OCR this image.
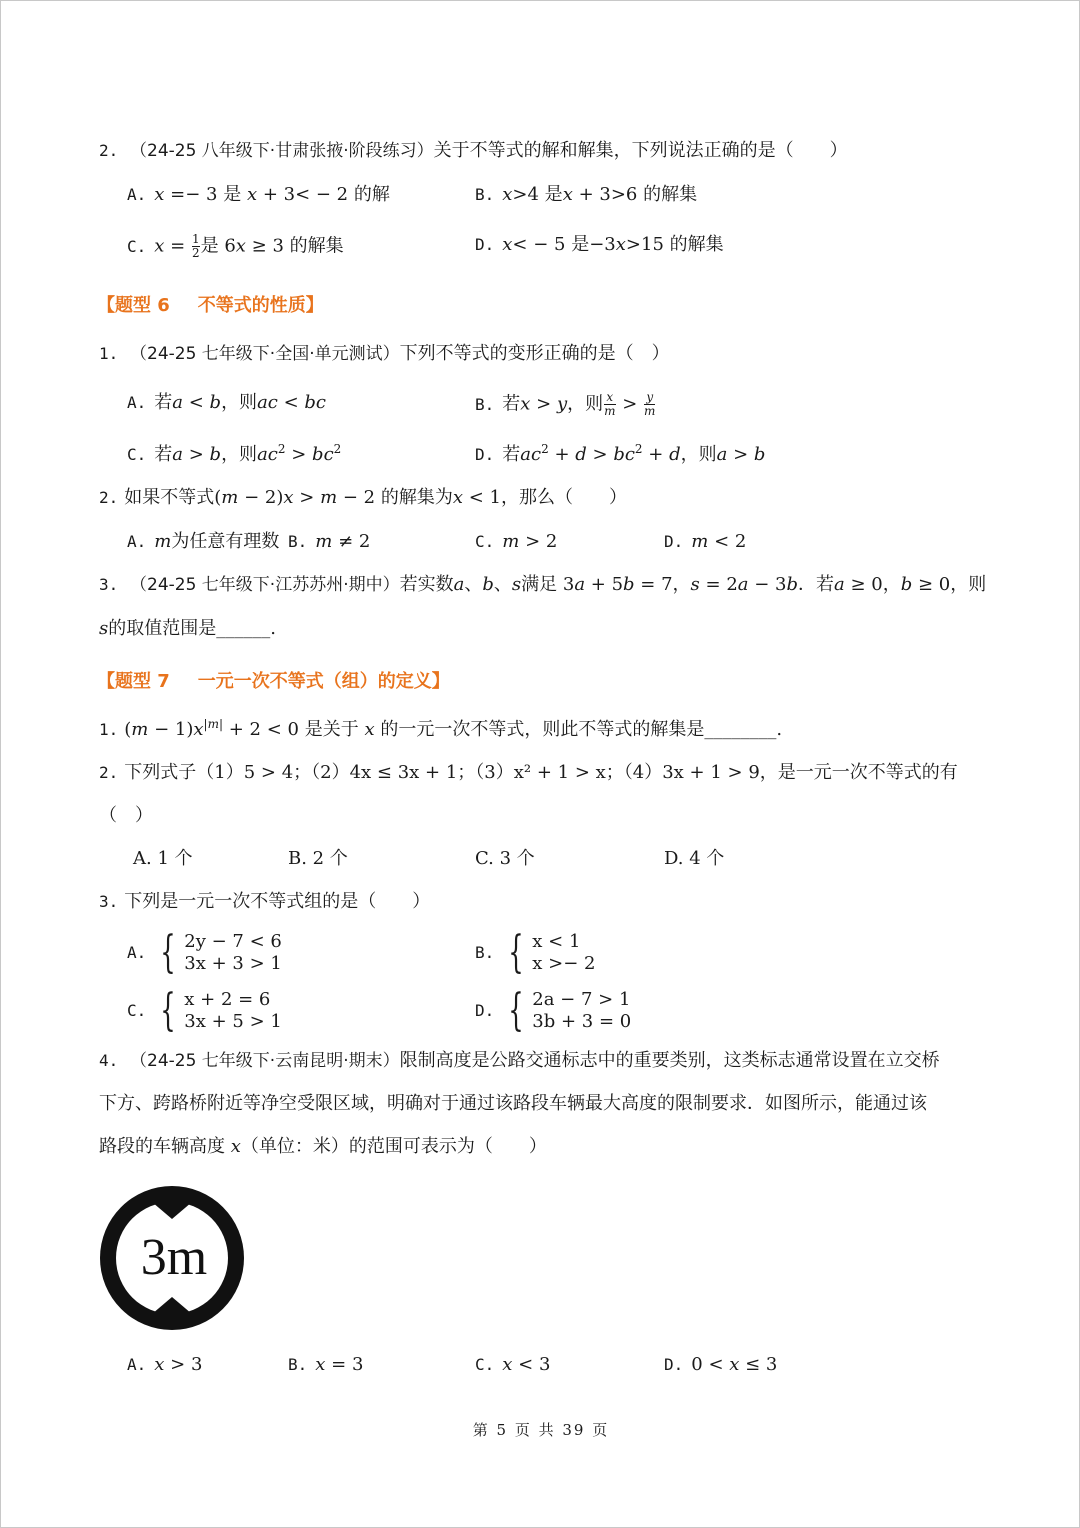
2. （24-25 八年级下·甘肃张掖·阶段练习）关于不等式的解和解集，下列说法正确的是（　　）
A. x =− 3 是 x + 3< − 2 的解	B. x>4 是x + 3>6 的解集
C. $x = \frac{1}{2}$ 是 6x ≥ 3 的解集	D. x< − 5 是−3x>15 的解集
【题型 6 不等式的性质】
1. （24-25 七年级下·全国·单元测试）下列不等式的变形正确的是（　）
A. 若a < b，则ac < bc	B. 若x > y，则 $\frac{x}{m} > \frac{y}{m}$
C. 若a > b，则$ac^2 > bc^2$	D. 若$ac^2 + d > bc^2 + d$，则a > b
2. 如果不等式(m − 2)x > m − 2 的解集为x < 1，那么（　　）
A. m为任意有理数 B. m ≠ 2	C. m > 2	D. m < 2
3. （24-25 七年级下·江苏苏州·期中）若实数a、b、s满足 3a + 5b = 7，s = 2a − 3b．若a ≥ 0，b ≥ 0，则
s的取值范围是______.
【题型 7 一元一次不等式（组）的定义】
1. $(m - 1)x^{|m|} + 2 < 0$ 是关于 x 的一元一次不等式，则此不等式的解集是________.
2. 下列式子（1）5 > 4；（2）4x ≤ 3x + 1；（3）x² + 1 > x；（4）3x + 1 > 9，是一元一次不等式的有
（　）
A. 1 个	B. 2 个	C. 3 个	D. 4 个
3. 下列是一元一次不等式组的是（　　）
A. { 2y − 7 < 6
3x + 3 > 1
B. { x < 1
x >− 2
C. { x + 2 = 6
3x + 5 > 1
D. { 2a − 7 > 1
3b + 3 = 0
4. （24-25 七年级下·云南昆明·期末）限制高度是公路交通标志中的重要类别，这类标志通常设置在立交桥
下方、跨路桥附近等净空受限区域，明确对于通过该路段车辆最大高度的限制要求．如图所示，能通过该
路段的车辆高度 x（单位：米）的范围可表示为（　　）
3m
A. x > 3	B. x = 3	C. x < 3	D. 0 < x ≤ 3
第 5 页 共 39 页
